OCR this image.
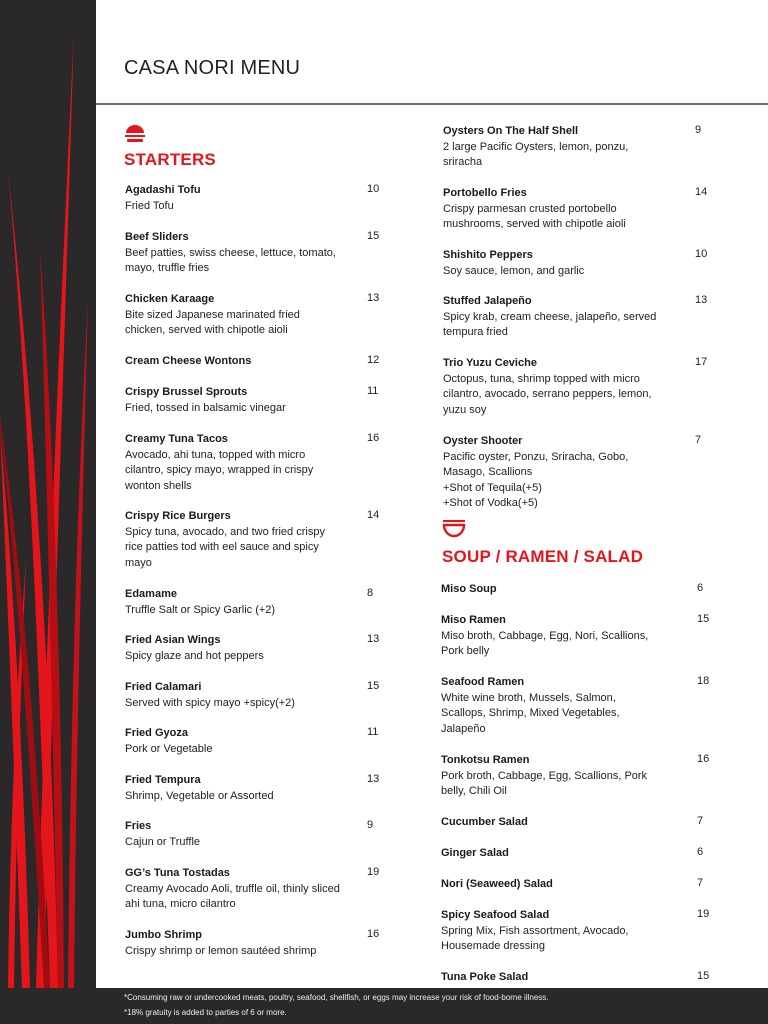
CASA NORI MENU
STARTERS
SOUP / RAMEN / SALAD
Agadashi Tofu
Fried Tofu
10
Beef Sliders
Beef patties, swiss cheese, lettuce, tomato,
mayo, truffle fries
15
Chicken Karaage
Bite sized Japanese marinated fried
chicken, served with chipotle aioli
13
Cream Cheese Wontons	12
Crispy Brussel Sprouts
Fried, tossed in balsamic vinegar
11
Creamy Tuna Tacos
Avocado, ahi tuna, topped with micro
cilantro, spicy mayo, wrapped in crispy
wonton shells
16
Crispy Rice Burgers
Spicy tuna, avocado, and two fried crispy
rice patties tod with eel sauce and spicy
mayo
14
Edamame
Truffle Salt or Spicy Garlic (+2)
8
Fried Asian Wings
Spicy glaze and hot peppers
13
Fried Calamari
Served with spicy mayo +spicy(+2)
15
Fried Gyoza
Pork or Vegetable
11
Fried Tempura
Shrimp, Vegetable or Assorted
13
Fries
Cajun or Truffle
9
GG’s Tuna Tostadas
Creamy Avocado Aoli, truffle oil, thinly sliced
ahi tuna, micro cilantro
19
Jumbo Shrimp
Crispy shrimp or lemon sautéed shrimp
16
Oysters On The Half Shell
2 large Pacific Oysters, lemon, ponzu,
sriracha
9
Portobello Fries
Crispy parmesan crusted portobello
mushrooms, served with chipotle aioli
14
Shishito Peppers
Soy sauce, lemon, and garlic
10
Stuffed Jalapeño
Spicy krab, cream cheese, jalapeño, served
tempura fried
13
Trio Yuzu Ceviche
Octopus, tuna, shrimp topped with micro
cilantro, avocado, serrano peppers, lemon,
yuzu soy
17
Oyster Shooter
Pacific oyster, Ponzu, Sriracha, Gobo,
Masago, Scallions
+Shot of Tequila(+5)
+Shot of Vodka(+5)
7
Miso Soup	6
Miso Ramen
Miso broth, Cabbage, Egg, Nori, Scallions,
Pork belly
15
Seafood Ramen
White wine broth, Mussels, Salmon,
Scallops, Shrimp, Mixed Vegetables,
Jalapeño
18
Tonkotsu Ramen
Pork broth, Cabbage, Egg, Scallions, Pork
belly, Chili Oil
16
Cucumber Salad	7
Ginger Salad	6
Nori (Seaweed) Salad	7
Spicy Seafood Salad
Spring Mix, Fish assortment, Avocado,
Housemade dressing
19
Tuna Poke Salad	15
*Consuming raw or undercooked meats, poultry, seafood, shellfish, or eggs may increase your risk of food-borne illness.
*18% gratuity is added to parties of 6 or more.
